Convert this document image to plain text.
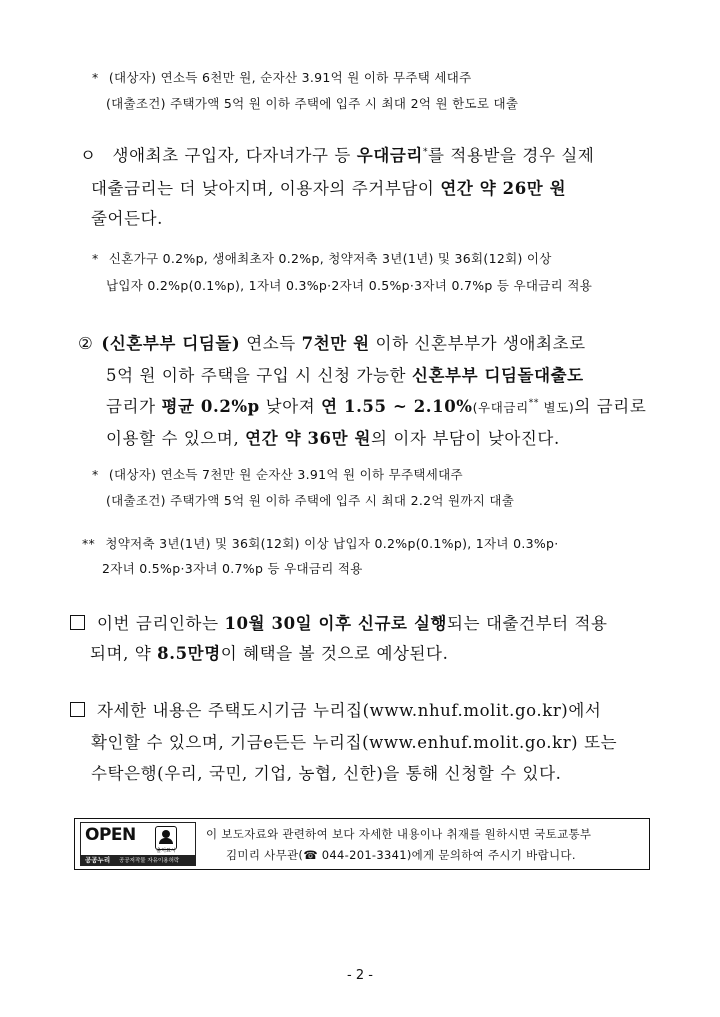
* (대상자) 연소득 6천만 원, 순자산 3.91억 원 이하 무주택 세대주
(대출조건) 주택가액 5억 원 이하 주택에 입주 시 최대 2억 원 한도로 대출
ㅇ 생애최초 구입자, 다자녀가구 등 우대금리*를 적용받을 경우 실제
대출금리는 더 낮아지며, 이용자의 주거부담이 연간 약 26만 원
줄어든다.
* 신혼가구 0.2%p, 생애최초자 0.2%p, 청약저축 3년(1년) 및 36회(12회) 이상
납입자 0.2%p(0.1%p), 1자녀 0.3%p·2자녀 0.5%p·3자녀 0.7%p 등 우대금리 적용
② (신혼부부 디딤돌) 연소득 7천만 원 이하 신혼부부가 생애최초로
5억 원 이하 주택을 구입 시 신청 가능한 신혼부부 디딤돌대출도
금리가 평균 0.2%p 낮아져 연 1.55 ~ 2.10%(우대금리** 별도)의 금리로
이용할 수 있으며, 연간 약 36만 원의 이자 부담이 낮아진다.
* (대상자) 연소득 7천만 원 순자산 3.91억 원 이하 무주택세대주
(대출조건) 주택가액 5억 원 이하 주택에 입주 시 최대 2.2억 원까지 대출
** 청약저축 3년(1년) 및 36회(12회) 이상 납입자 0.2%p(0.1%p), 1자녀 0.3%p·
2자녀 0.5%p·3자녀 0.7%p 등 우대금리 적용
이번 금리인하는 10월 30일 이후 신규로 실행되는 대출건부터 적용
되며, 약 8.5만명이 혜택을 볼 것으로 예상된다.
자세한 내용은 주택도시기금 누리집(www.nhuf.molit.go.kr)에서
확인할 수 있으며, 기금e든든 누리집(www.enhuf.molit.go.kr) 또는
수탁은행(우리, 국민, 기업, 농협, 신한)을 통해 신청할 수 있다.
OPEN
출처표시
공공누리 공공저작물 자유이용허락
이 보도자료와 관련하여 보다 자세한 내용이나 취재를 원하시면 국토교통부
김미리 사무관(☎ 044-201-3341)에게 문의하여 주시기 바랍니다.
- 2 -
